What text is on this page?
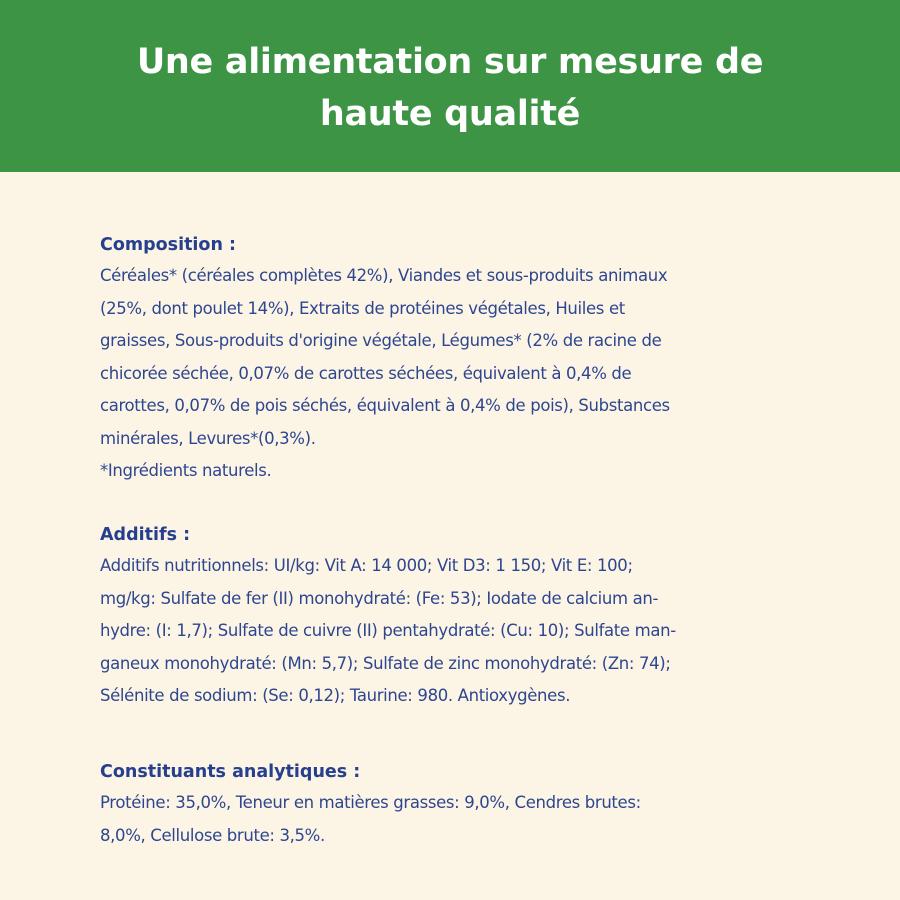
Une alimentation sur mesure de
haute qualité

Composition :

Céréales* (céréales complètes 42%), Viandes et sous-produits animaux
(25%, dont poulet 14%), Extraits de protéines végétales, Huiles et
graisses, Sous-produits d'origine végétale, Légumes* (2% de racine de
chicorée séchée, 0,07% de carottes séchées, équivalent à 0,4% de
carottes, 0,07% de pois séchés, équivalent à 0,4% de pois), Substances
minérales, Levures*(0,3%).
*Ingrédients naturels.

Additifs :

Additifs nutritionnels: UI/kg: Vit A: 14 000; Vit D3: 1 150; Vit E: 100;
mg/kg: Sulfate de fer (II) monohydraté: (Fe: 53); Iodate de calcium an-
hydre: (I: 1,7); Sulfate de cuivre (II) pentahydraté: (Cu: 10); Sulfate man-
ganeux monohydraté: (Mn: 5,7); Sulfate de zinc monohydraté: (Zn: 74);
Sélénite de sodium: (Se: 0,12); Taurine: 980. Antioxygènes.

Constituants analytiques :

Protéine: 35,0%, Teneur en matières grasses: 9,0%, Cendres brutes:
8,0%, Cellulose brute: 3,5%.
